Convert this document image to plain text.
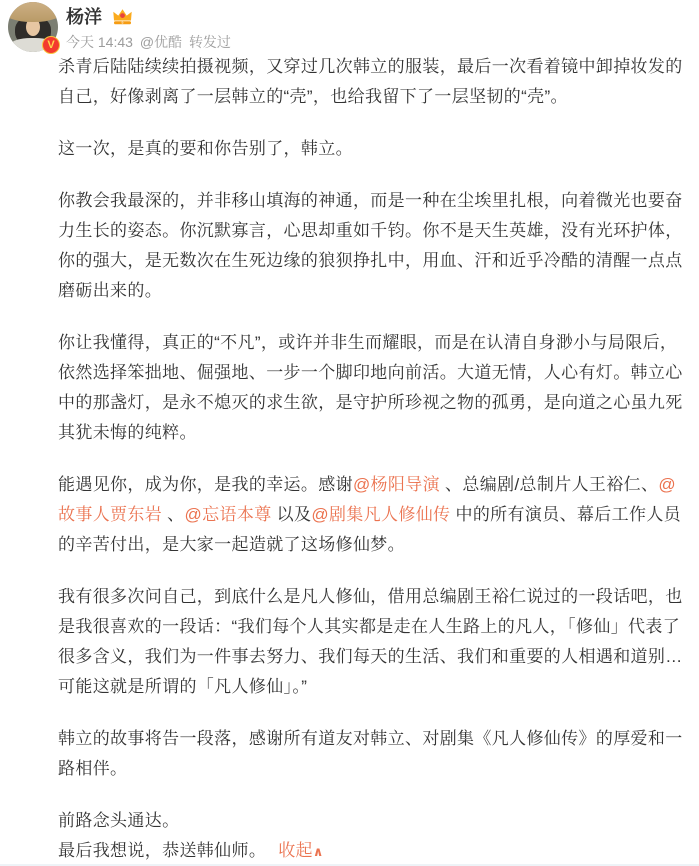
V
杨洋	9
今天 14:43 @优酷 转发过

杀青后陆陆续续拍摄视频，又穿过几次韩立的服装，最后一次看着镜中卸掉妆发的自己，好像剥离了一层韩立的“壳”，也给我留下了一层坚韧的“壳”。

这一次，是真的要和你告别了，韩立。

你教会我最深的，并非移山填海的神通，而是一种在尘埃里扎根，向着微光也要奋力生长的姿态。你沉默寡言，心思却重如千钧。你不是天生英雄，没有光环护体，你的强大，是无数次在生死边缘的狼狈挣扎中，用血、汗和近乎冷酷的清醒一点点磨砺出来的。

你让我懂得，真正的“不凡”，或许并非生而耀眼，而是在认清自身渺小与局限后，依然选择笨拙地、倔强地、一步一个脚印地向前活。大道无情，人心有灯。韩立心中的那盏灯，是永不熄灭的求生欲，是守护所珍视之物的孤勇，是向道之心虽九死其犹未悔的纯粹。

能遇见你，成为你，是我的幸运。感谢@杨阳导演 、总编剧/总制片人王裕仁、@故事人贾东岩 、@忘语本尊 以及@剧集凡人修仙传 中的所有演员、幕后工作人员的辛苦付出，是大家一起造就了这场修仙梦。

我有很多次问自己，到底什么是凡人修仙，借用总编剧王裕仁说过的一段话吧，也是我很喜欢的一段话：“我们每个人其实都是走在人生路上的凡人，「修仙」代表了很多含义，我们为一件事去努力、我们每天的生活、我们和重要的人相遇和道别…可能这就是所谓的「凡人修仙」。”

韩立的故事将告一段落，感谢所有道友对韩立、对剧集《凡人修仙传》的厚爱和一路相伴。

前路念头通达。

最后我想说，恭送韩仙师。 收起∧
